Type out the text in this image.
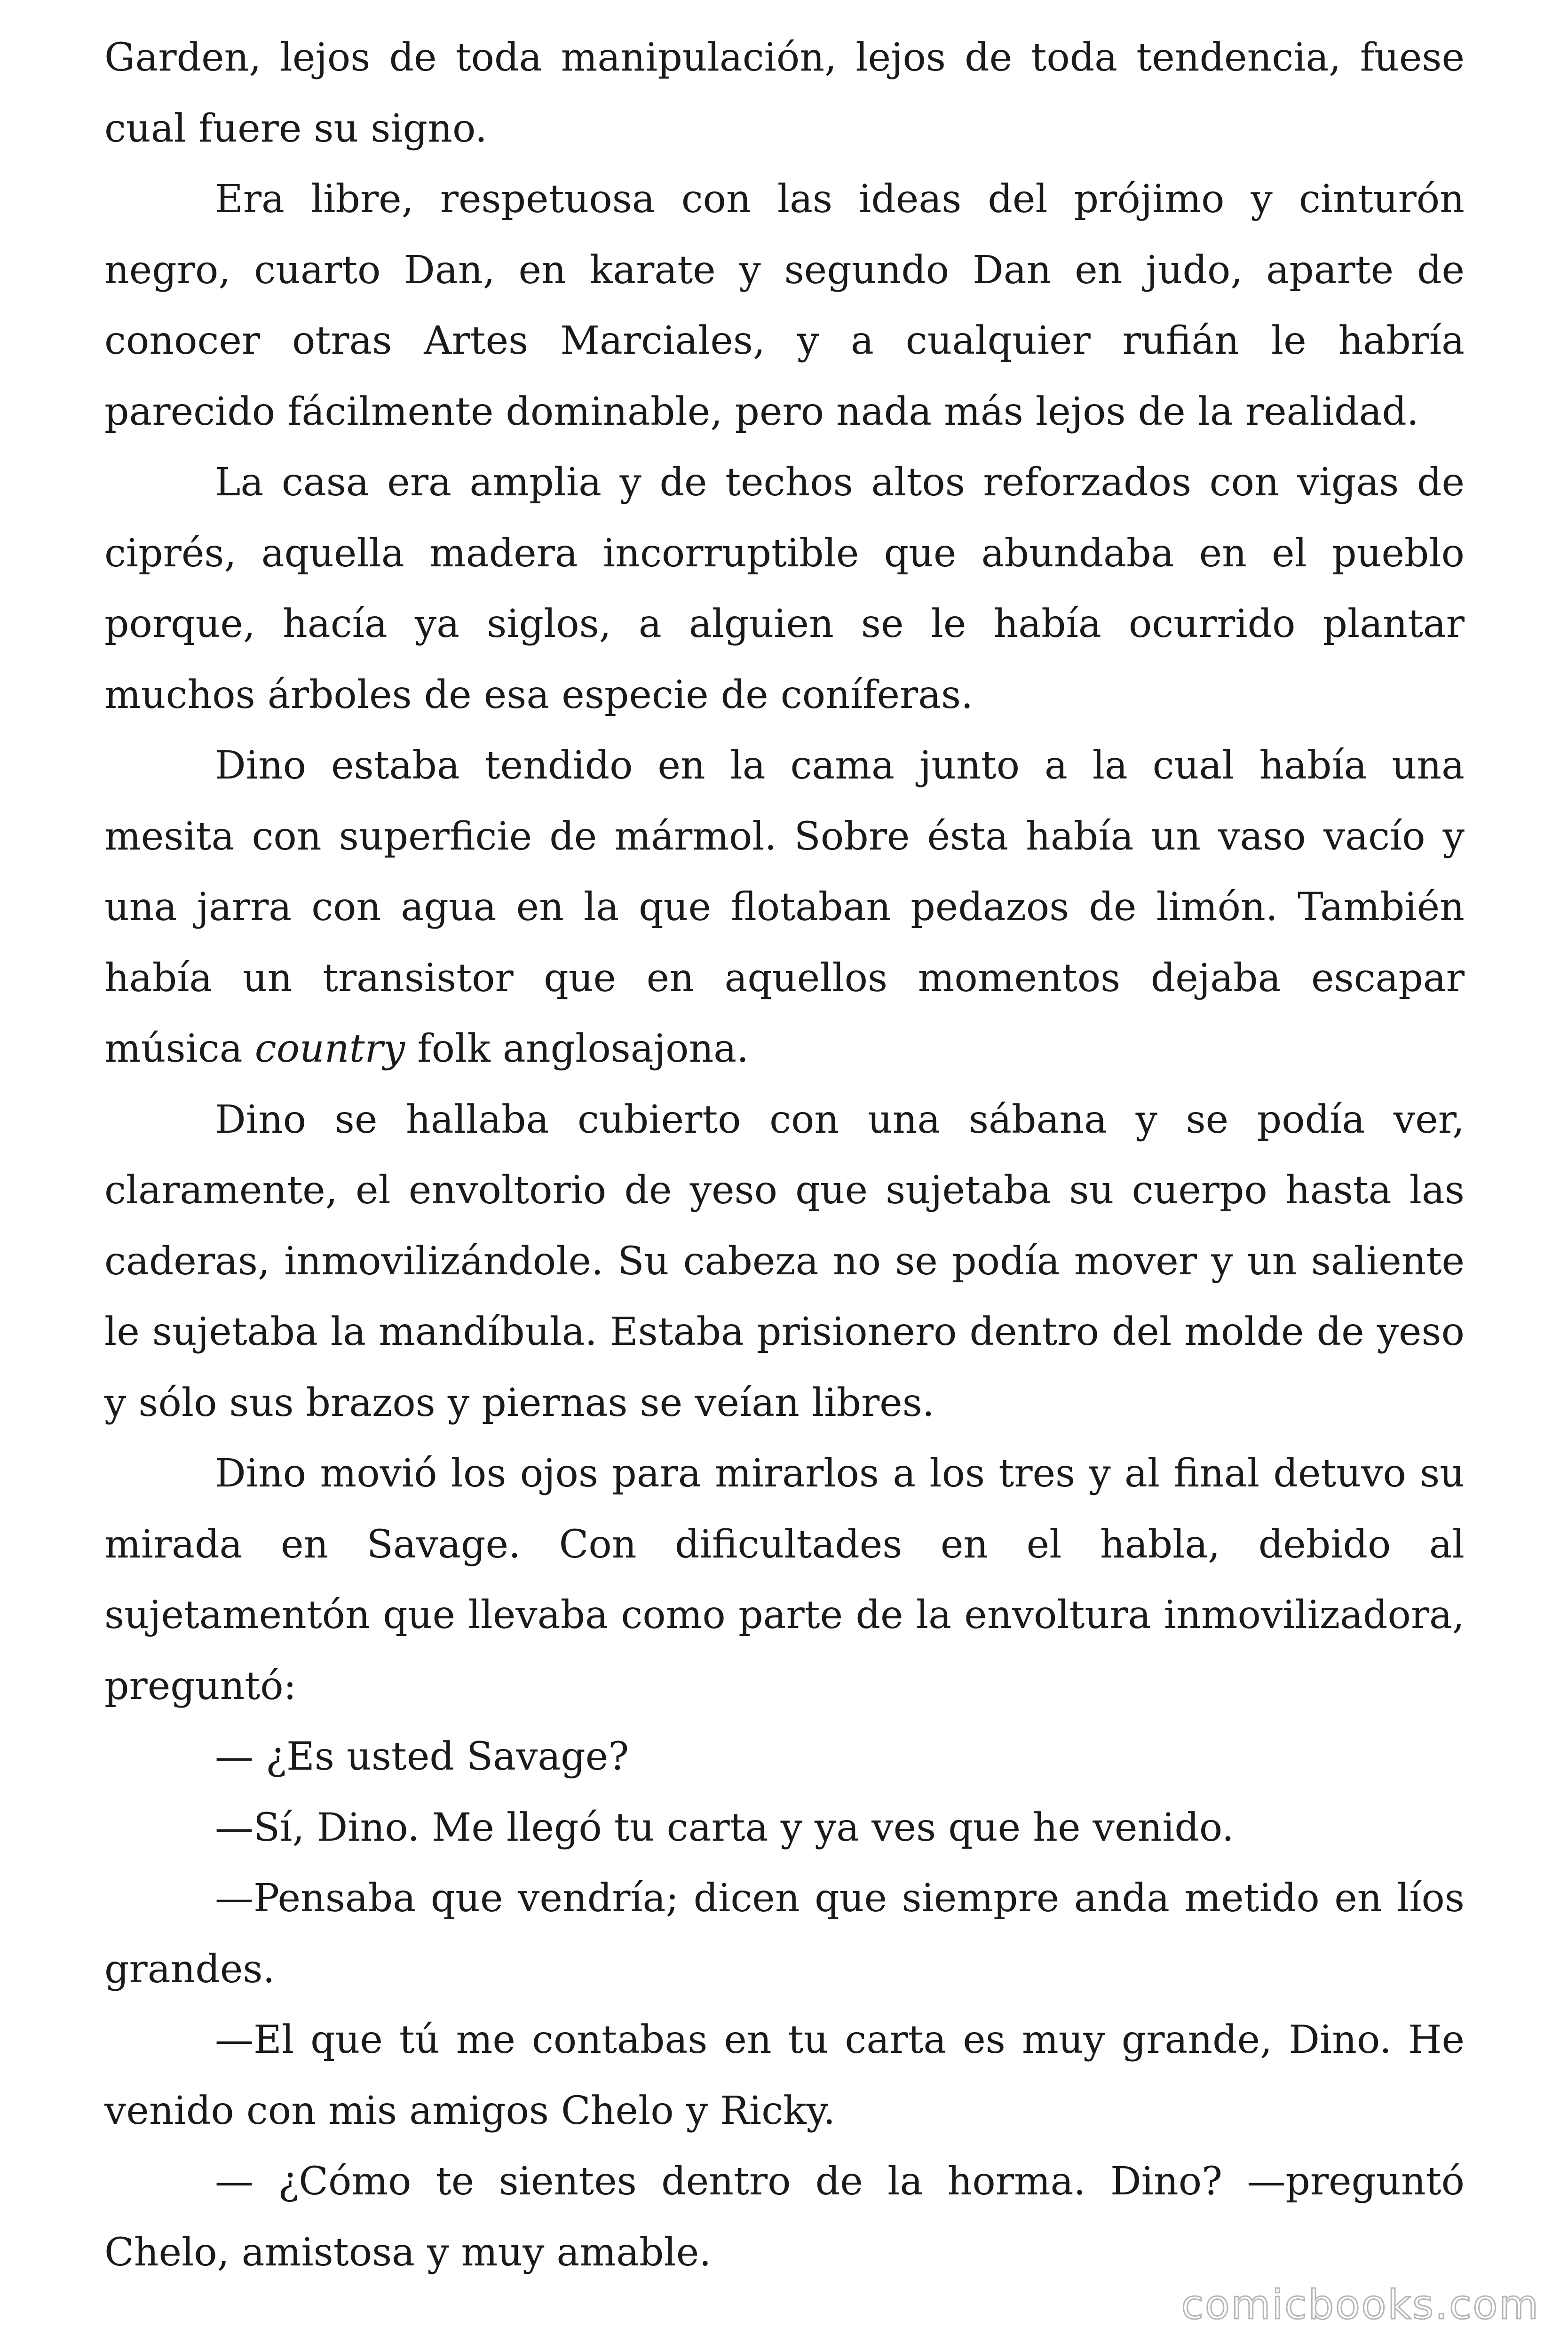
Garden, lejos de toda manipulación, lejos de toda tendencia, fuese cual fuere su signo.

Era libre, respetuosa con las ideas del prójimo y cinturón negro, cuarto Dan, en karate y segundo Dan en judo, aparte de conocer otras Artes Marciales, y a cualquier rufián le habría parecido fácilmente dominable, pero nada más lejos de la realidad.

La casa era amplia y de techos altos reforzados con vigas de ciprés, aquella madera incorruptible que abundaba en el pueblo porque, hacía ya siglos, a alguien se le había ocurrido plantar muchos árboles de esa especie de coníferas.

Dino estaba tendido en la cama junto a la cual había una mesita con superficie de mármol. Sobre ésta había un vaso vacío y una jarra con agua en la que flotaban pedazos de limón. También había un transistor que en aquellos momentos dejaba escapar música country folk anglosajona.

Dino se hallaba cubierto con una sábana y se podía ver, claramente, el envoltorio de yeso que sujetaba su cuerpo hasta las caderas, inmovilizándole. Su cabeza no se podía mover y un saliente le sujetaba la mandíbula. Estaba prisionero dentro del molde de yeso y sólo sus brazos y piernas se veían libres.

Dino movió los ojos para mirarlos a los tres y al final detuvo su mirada en Savage. Con dificultades en el habla, debido al sujetamentón que llevaba como parte de la envoltura inmovilizadora, preguntó:

— ¿Es usted Savage?

—Sí, Dino. Me llegó tu carta y ya ves que he venido.

—Pensaba que vendría; dicen que siempre anda metido en líos grandes.

—El que tú me contabas en tu carta es muy grande, Dino. He venido con mis amigos Chelo y Ricky.

— ¿Cómo te sientes dentro de la horma. Dino? —preguntó Chelo, amistosa y muy amable.

comicbooks.com
